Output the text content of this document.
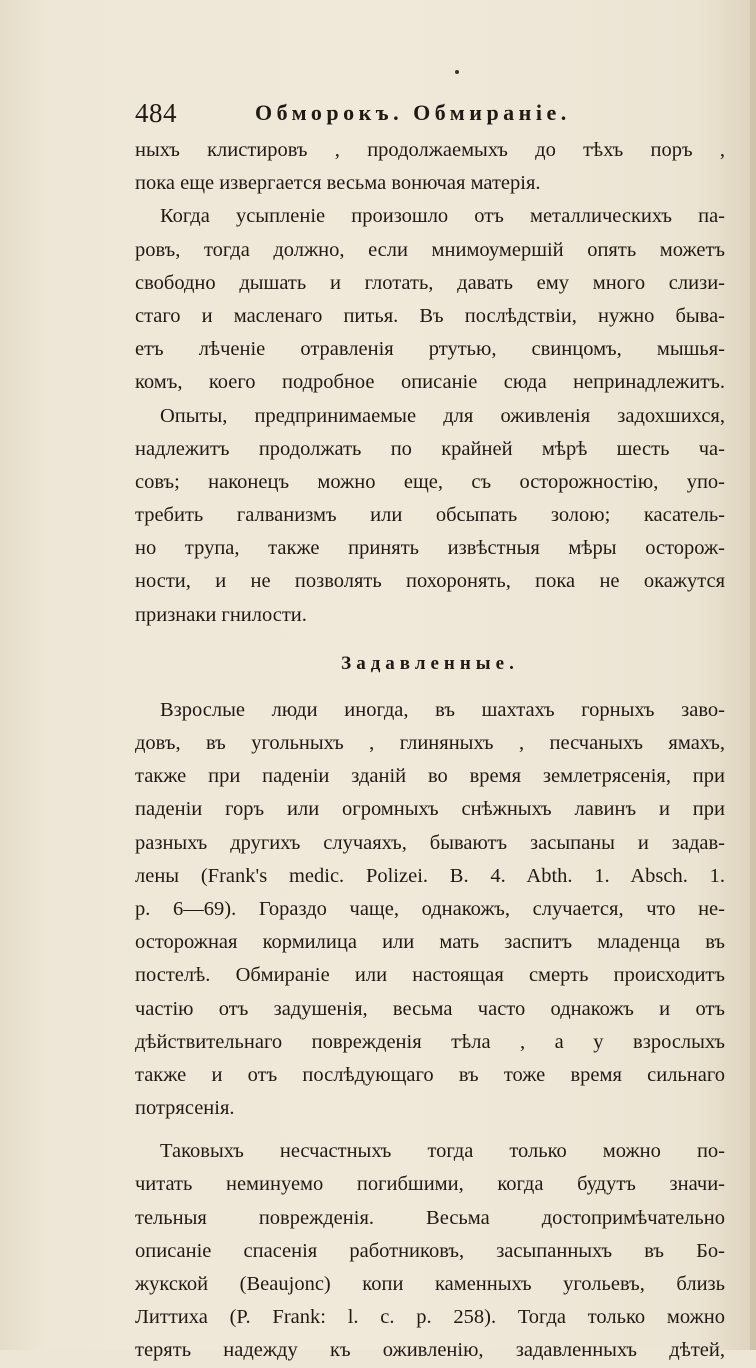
484	Обморокъ. Обмираніе.
ныхъ клистировъ , продолжаемыхъ до тѣхъ поръ ,
пока еще извергается весьма вонючая матерія.
Когда усыпленіе произошло отъ металлическихъ па-
ровъ, тогда должно, если мнимоумершій опять можетъ
свободно дышать и глотать, давать ему много слизи-
стаго и масленаго питья. Въ послѣдствіи, нужно быва-
етъ лѣченіе отравленія ртутью, свинцомъ, мышья-
комъ, коего подробное описаніе сюда непринадлежитъ.
Опыты, предпринимаемые для оживленія задохшихся,
надлежитъ продолжать по крайней мѣрѣ шесть ча-
совъ; наконецъ можно еще, съ осторожностію, упо-
требить галванизмъ или обсыпать золою; касатель-
но трупа, также принять извѣстныя мѣры осторож-
ности, и не позволять похоронять, пока не окажутся
признаки гнилости.
Задавленные.
Взрослые люди иногда, въ шахтахъ горныхъ заво-
довъ, въ угольныхъ , глиняныхъ , песчаныхъ ямахъ,
также при паденіи зданій во время землетрясенія, при
паденіи горъ или огромныхъ снѣжныхъ лавинъ и при
разныхъ другихъ случаяхъ, бываютъ засыпаны и задав-
лены (Frank's medic. Polizei. B. 4. Abth. 1. Absch. 1.
p. 6—69). Гораздо чаще, однакожъ, случается, что не-
осторожная кормилица или мать заспитъ младенца въ
постелѣ. Обмираніе или настоящая смерть происходитъ
частію отъ задушенія, весьма часто однакожъ и отъ
дѣйствительнаго поврежденія тѣла , а у взрослыхъ
также и отъ послѣдующаго въ тоже время сильнаго
потрясенія.
Таковыхъ несчастныхъ тогда только можно по-
читать неминуемо погибшими, когда будутъ значи-
тельныя поврежденія. Весьма достопримѣчательно
описаніе спасенія работниковъ, засыпанныхъ въ Бо-
жукской (Beaujonc) копи каменныхъ угольевъ, близь
Литтиха (P. Frank: l. c. p. 258). Тогда только можно
терять надежду къ оживленію, задавленныхъ дѣтей,
